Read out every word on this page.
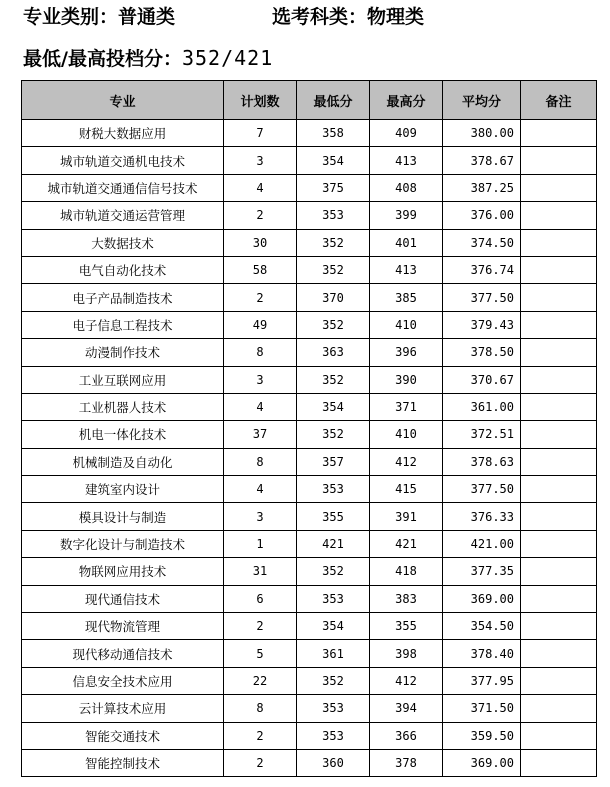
专业类别：普通类	选考科类：物理类
最低/最高投档分：352/421
专业	计划数	最低分	最高分	平均分	备注
财税大数据应用	7	358	409	380.00	
城市轨道交通机电技术	3	354	413	378.67	
城市轨道交通通信信号技术	4	375	408	387.25	
城市轨道交通运营管理	2	353	399	376.00	
大数据技术	30	352	401	374.50	
电气自动化技术	58	352	413	376.74	
电子产品制造技术	2	370	385	377.50	
电子信息工程技术	49	352	410	379.43	
动漫制作技术	8	363	396	378.50	
工业互联网应用	3	352	390	370.67	
工业机器人技术	4	354	371	361.00	
机电一体化技术	37	352	410	372.51	
机械制造及自动化	8	357	412	378.63	
建筑室内设计	4	353	415	377.50	
模具设计与制造	3	355	391	376.33	
数字化设计与制造技术	1	421	421	421.00	
物联网应用技术	31	352	418	377.35	
现代通信技术	6	353	383	369.00	
现代物流管理	2	354	355	354.50	
现代移动通信技术	5	361	398	378.40	
信息安全技术应用	22	352	412	377.95	
云计算技术应用	8	353	394	371.50	
智能交通技术	2	353	366	359.50	
智能控制技术	2	360	378	369.00	
